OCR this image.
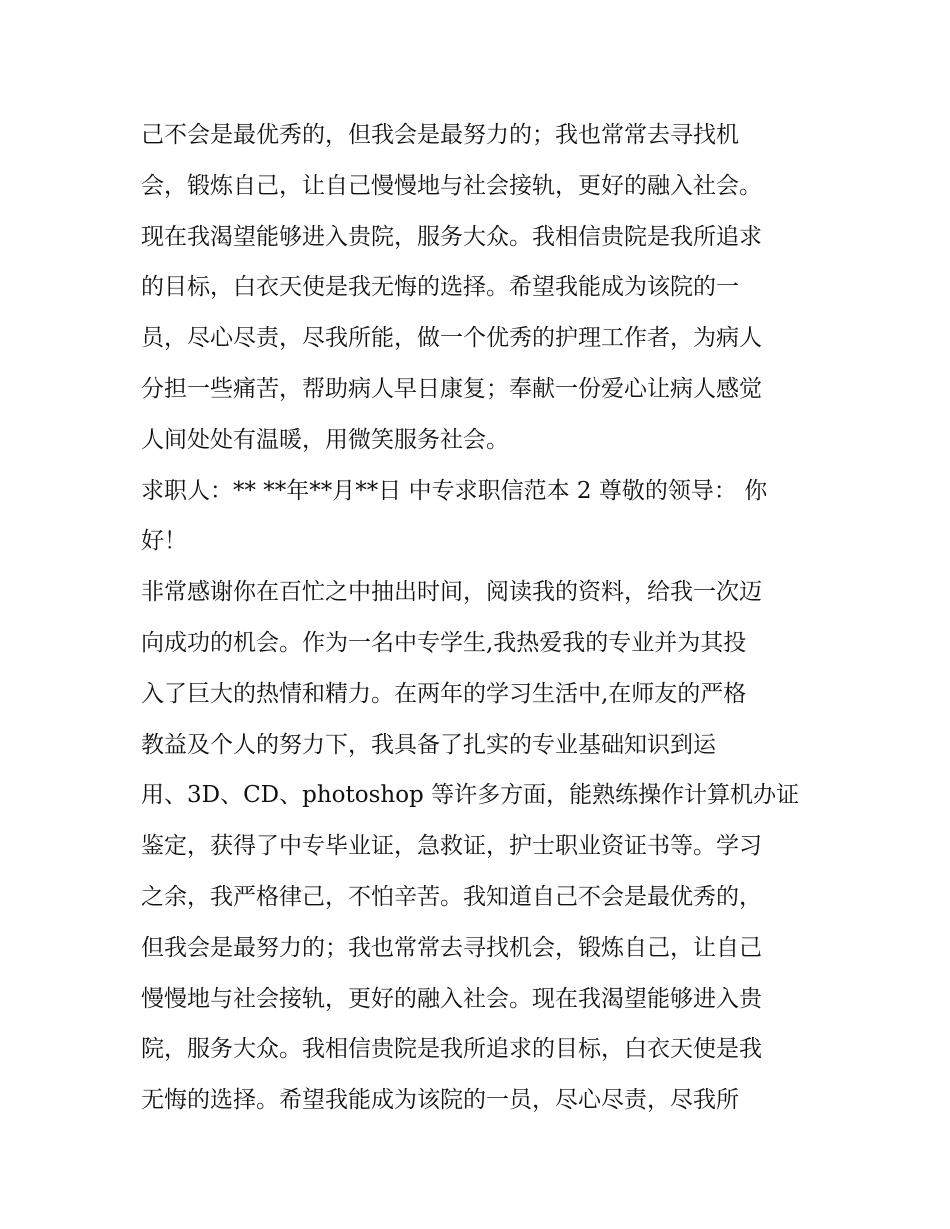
己不会是最优秀的，但我会是最努力的；我也常常去寻找机
会，锻炼自己，让自己慢慢地与社会接轨，更好的融入社会。
现在我渴望能够进入贵院，服务大众。我相信贵院是我所追求
的目标，白衣天使是我无悔的选择。希望我能成为该院的一
员，尽心尽责，尽我所能，做一个优秀的护理工作者，为病人
分担一些痛苦，帮助病人早日康复；奉献一份爱心让病人感觉
人间处处有温暖，用微笑服务社会。
求职人：** **年**月**日 中专求职信范本 2 尊敬的领导： 你
好！
非常感谢你在百忙之中抽出时间，阅读我的资料，给我一次迈
向成功的机会。作为一名中专学生,我热爱我的专业并为其投
入了巨大的热情和精力。在两年的学习生活中,在师友的严格
教益及个人的努力下，我具备了扎实的专业基础知识到运
用、3D、CD、photoshop 等许多方面，能熟练操作计算机办证
鉴定，获得了中专毕业证，急救证，护士职业资证书等。学习
之余，我严格律己，不怕辛苦。我知道自己不会是最优秀的，
但我会是最努力的；我也常常去寻找机会，锻炼自己，让自己
慢慢地与社会接轨，更好的融入社会。现在我渴望能够进入贵
院，服务大众。我相信贵院是我所追求的目标，白衣天使是我
无悔的选择。希望我能成为该院的一员，尽心尽责，尽我所
